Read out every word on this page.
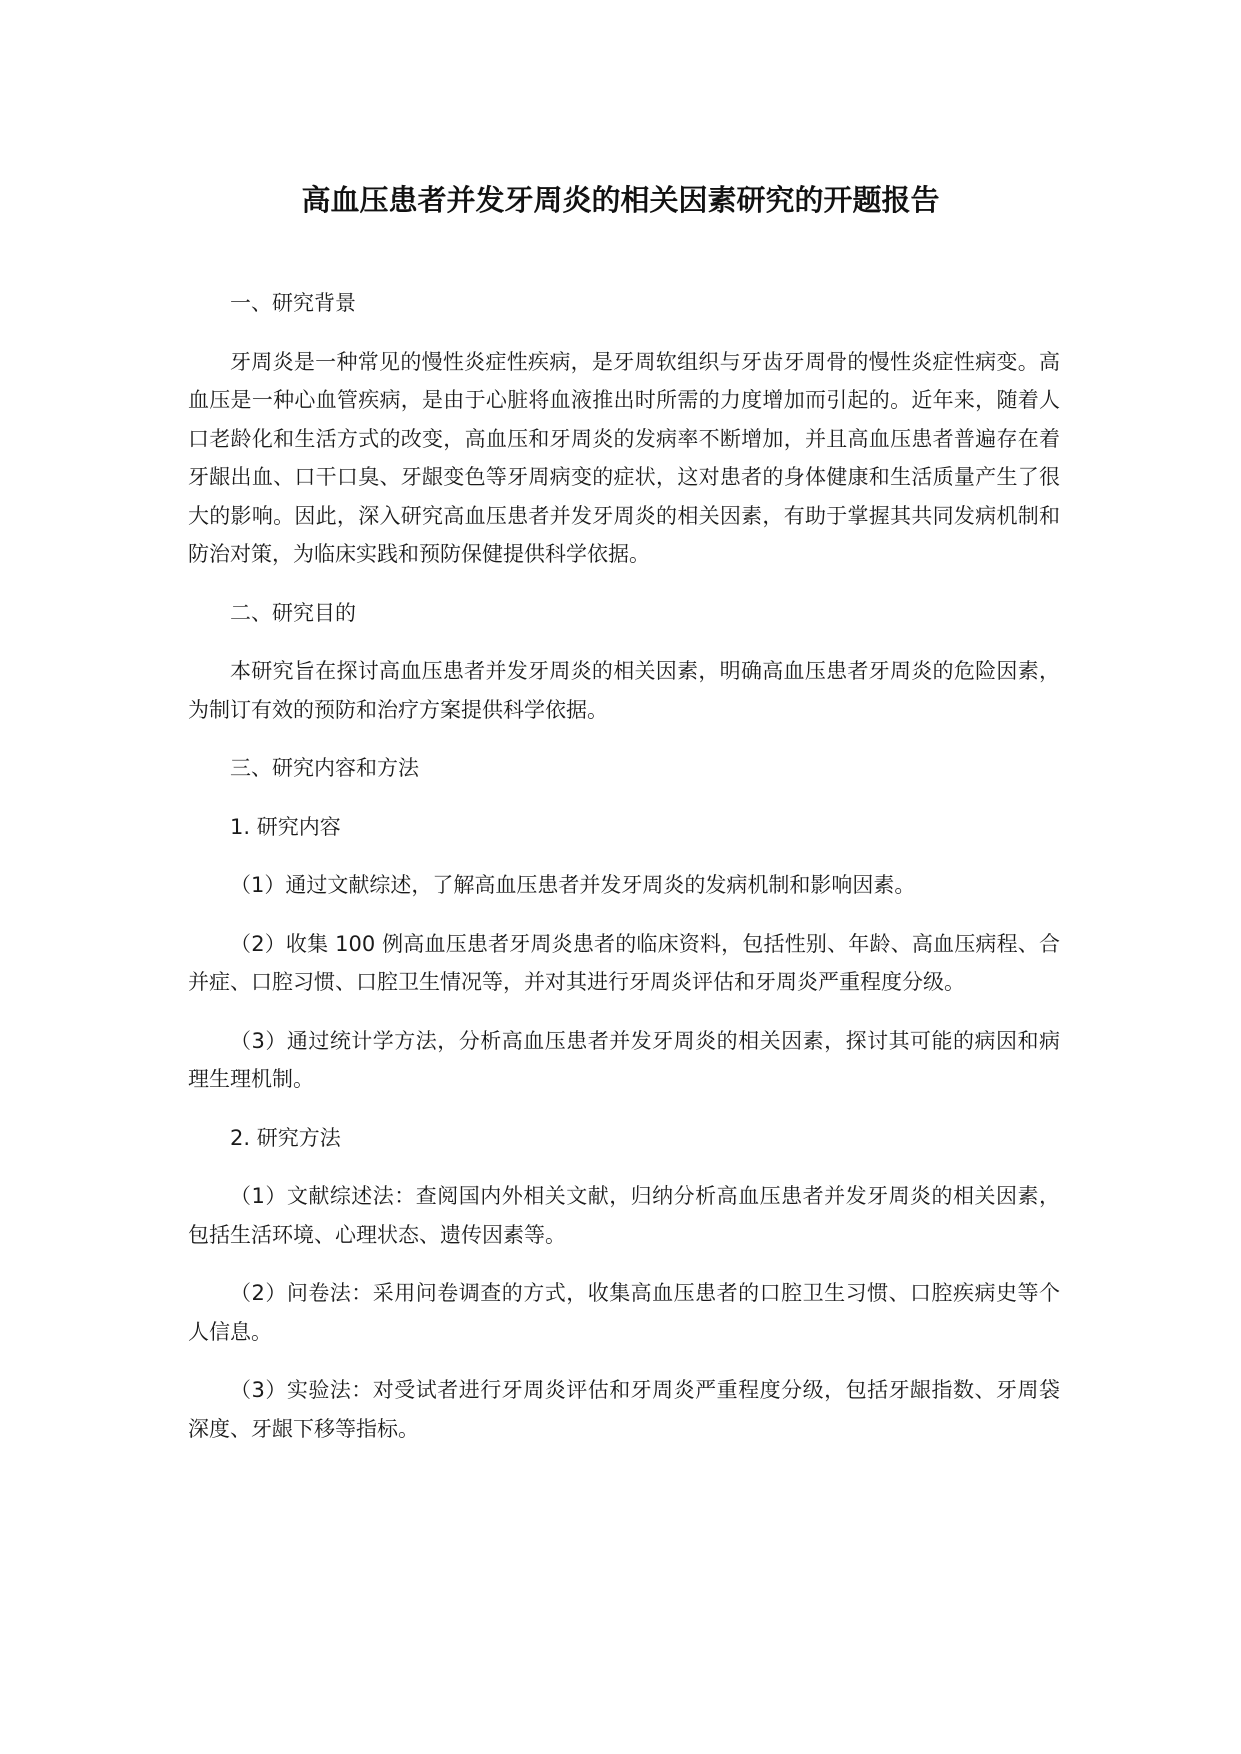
高血压患者并发牙周炎的相关因素研究的开题报告

一、研究背景

牙周炎是一种常见的慢性炎症性疾病，是牙周软组织与牙齿牙周骨的慢性炎症性病变。高血压是一种心血管疾病，是由于心脏将血液推出时所需的力度增加而引起的。近年来，随着人口老龄化和生活方式的改变，高血压和牙周炎的发病率不断增加，并且高血压患者普遍存在着牙龈出血、口干口臭、牙龈变色等牙周病变的症状，这对患者的身体健康和生活质量产生了很大的影响。因此，深入研究高血压患者并发牙周炎的相关因素，有助于掌握其共同发病机制和防治对策，为临床实践和预防保健提供科学依据。

二、研究目的

本研究旨在探讨高血压患者并发牙周炎的相关因素，明确高血压患者牙周炎的危险因素，为制订有效的预防和治疗方案提供科学依据。

三、研究内容和方法

1. 研究内容

（1）通过文献综述，了解高血压患者并发牙周炎的发病机制和影响因素。

（2）收集 100 例高血压患者牙周炎患者的临床资料，包括性别、年龄、高血压病程、合并症、口腔习惯、口腔卫生情况等，并对其进行牙周炎评估和牙周炎严重程度分级。

（3）通过统计学方法，分析高血压患者并发牙周炎的相关因素，探讨其可能的病因和病理生理机制。

2. 研究方法

（1）文献综述法：查阅国内外相关文献，归纳分析高血压患者并发牙周炎的相关因素，包括生活环境、心理状态、遗传因素等。

（2）问卷法：采用问卷调查的方式，收集高血压患者的口腔卫生习惯、口腔疾病史等个人信息。

（3）实验法：对受试者进行牙周炎评估和牙周炎严重程度分级，包括牙龈指数、牙周袋深度、牙龈下移等指标。
